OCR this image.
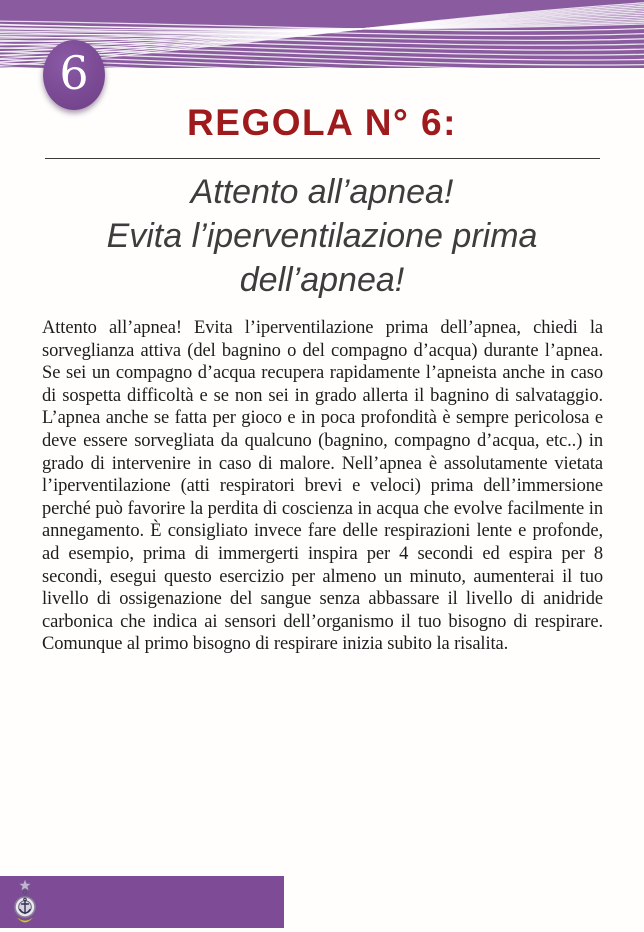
6
REGOLA N° 6:
Attento all’apnea!
Evita l’iperventilazione prima
dell’apnea!
Attento all’apnea! Evita l’iperventilazione prima dell’apnea, chiedi la sorveglianza attiva (del bagnino o del compagno d’acqua) durante l’apnea. Se sei un compagno d’acqua recupera rapidamente l’apneista anche in caso di sospetta difficoltà e se non sei in grado allerta il bagnino di salvataggio. L’apnea anche se fatta per gioco e in poca profondità è sempre pericolosa e deve essere sorvegliata da qualcuno (bagnino, compagno d’acqua, etc..) in grado di intervenire in caso di malore. Nell’apnea è assolutamente vietata l’iperventilazione (atti respiratori brevi e veloci) prima dell’immersione perché può favorire la perdita di coscienza in acqua che evolve facilmente in annegamento. È consigliato invece fare delle respirazioni lente e profonde, ad esempio, prima di immergerti inspira per 4 secondi ed espira per 8 secondi, esegui questo esercizio per almeno un minuto, aumenterai il tuo livello di ossigenazione del sangue senza abbassare il livello di anidride carbonica che indica ai sensori dell’organismo il tuo bisogno di respirare. Comunque al primo bisogno di respirare inizia subito la risalita.
